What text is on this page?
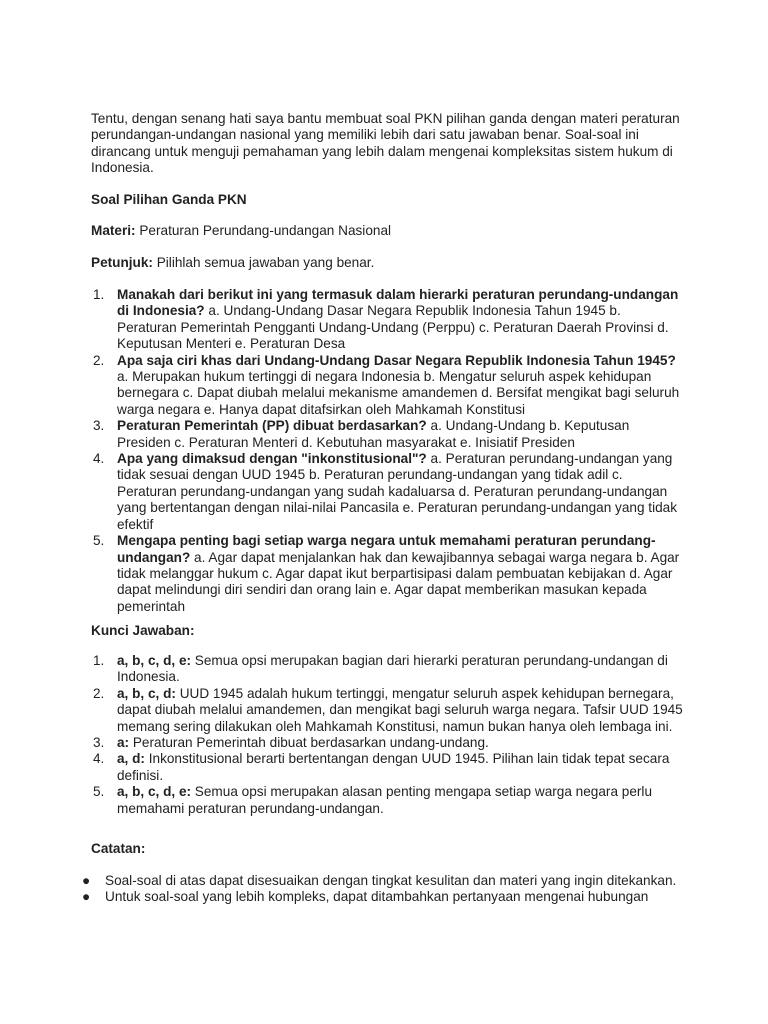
Tentu, dengan senang hati saya bantu membuat soal PKN pilihan ganda dengan materi peraturan perundangan-undangan nasional yang memiliki lebih dari satu jawaban benar. Soal-soal ini dirancang untuk menguji pemahaman yang lebih dalam mengenai kompleksitas sistem hukum di Indonesia.

Soal Pilihan Ganda PKN

Materi: Peraturan Perundang-undangan Nasional

Petunjuk: Pilihlah semua jawaban yang benar.

1. Manakah dari berikut ini yang termasuk dalam hierarki peraturan perundang-undangan di Indonesia? a. Undang-Undang Dasar Negara Republik Indonesia Tahun 1945 b. Peraturan Pemerintah Pengganti Undang-Undang (Perppu) c. Peraturan Daerah Provinsi d. Keputusan Menteri e. Peraturan Desa
2. Apa saja ciri khas dari Undang-Undang Dasar Negara Republik Indonesia Tahun 1945? a. Merupakan hukum tertinggi di negara Indonesia b. Mengatur seluruh aspek kehidupan bernegara c. Dapat diubah melalui mekanisme amandemen d. Bersifat mengikat bagi seluruh warga negara e. Hanya dapat ditafsirkan oleh Mahkamah Konstitusi
3. Peraturan Pemerintah (PP) dibuat berdasarkan? a. Undang-Undang b. Keputusan Presiden c. Peraturan Menteri d. Kebutuhan masyarakat e. Inisiatif Presiden
4. Apa yang dimaksud dengan "inkonstitusional"? a. Peraturan perundang-undangan yang tidak sesuai dengan UUD 1945 b. Peraturan perundang-undangan yang tidak adil c. Peraturan perundang-undangan yang sudah kadaluarsa d. Peraturan perundang-undangan yang bertentangan dengan nilai-nilai Pancasila e. Peraturan perundang-undangan yang tidak efektif
5. Mengapa penting bagi setiap warga negara untuk memahami peraturan perundang-undangan? a. Agar dapat menjalankan hak dan kewajibannya sebagai warga negara b. Agar tidak melanggar hukum c. Agar dapat ikut berpartisipasi dalam pembuatan kebijakan d. Agar dapat melindungi diri sendiri dan orang lain e. Agar dapat memberikan masukan kepada pemerintah

Kunci Jawaban:

1. a, b, c, d, e: Semua opsi merupakan bagian dari hierarki peraturan perundang-undangan di Indonesia.
2. a, b, c, d: UUD 1945 adalah hukum tertinggi, mengatur seluruh aspek kehidupan bernegara, dapat diubah melalui amandemen, dan mengikat bagi seluruh warga negara. Tafsir UUD 1945 memang sering dilakukan oleh Mahkamah Konstitusi, namun bukan hanya oleh lembaga ini.
3. a: Peraturan Pemerintah dibuat berdasarkan undang-undang.
4. a, d: Inkonstitusional berarti bertentangan dengan UUD 1945. Pilihan lain tidak tepat secara definisi.
5. a, b, c, d, e: Semua opsi merupakan alasan penting mengapa setiap warga negara perlu memahami peraturan perundang-undangan.

Catatan:

● Soal-soal di atas dapat disesuaikan dengan tingkat kesulitan dan materi yang ingin ditekankan.
● Untuk soal-soal yang lebih kompleks, dapat ditambahkan pertanyaan mengenai hubungan
